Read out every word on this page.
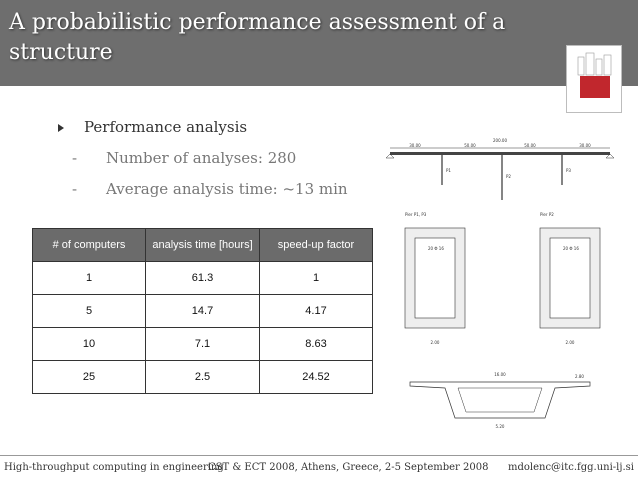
A probabilistic performance assessment of a structure
Performance analysis
- Number of analyses: 280
- Average analysis time: ~13 min
# of computers	analysis time [hours]	speed-up factor
1	61.3	1
5	14.7	4.17
10	7.1	8.63
25	2.5	24.52
200.00
30.00	50.00	50.00	30.00
P1
P2
P3
Pier P1, P3
20 Φ 16
2.00
Pier P2
20 Φ 16
2.00
16.00
5.20
2.80
High-throughput computing in engineering
CST & ECT 2008, Athens, Greece, 2-5 September 2008 mdolenc@itc.fgg.uni-lj.si
